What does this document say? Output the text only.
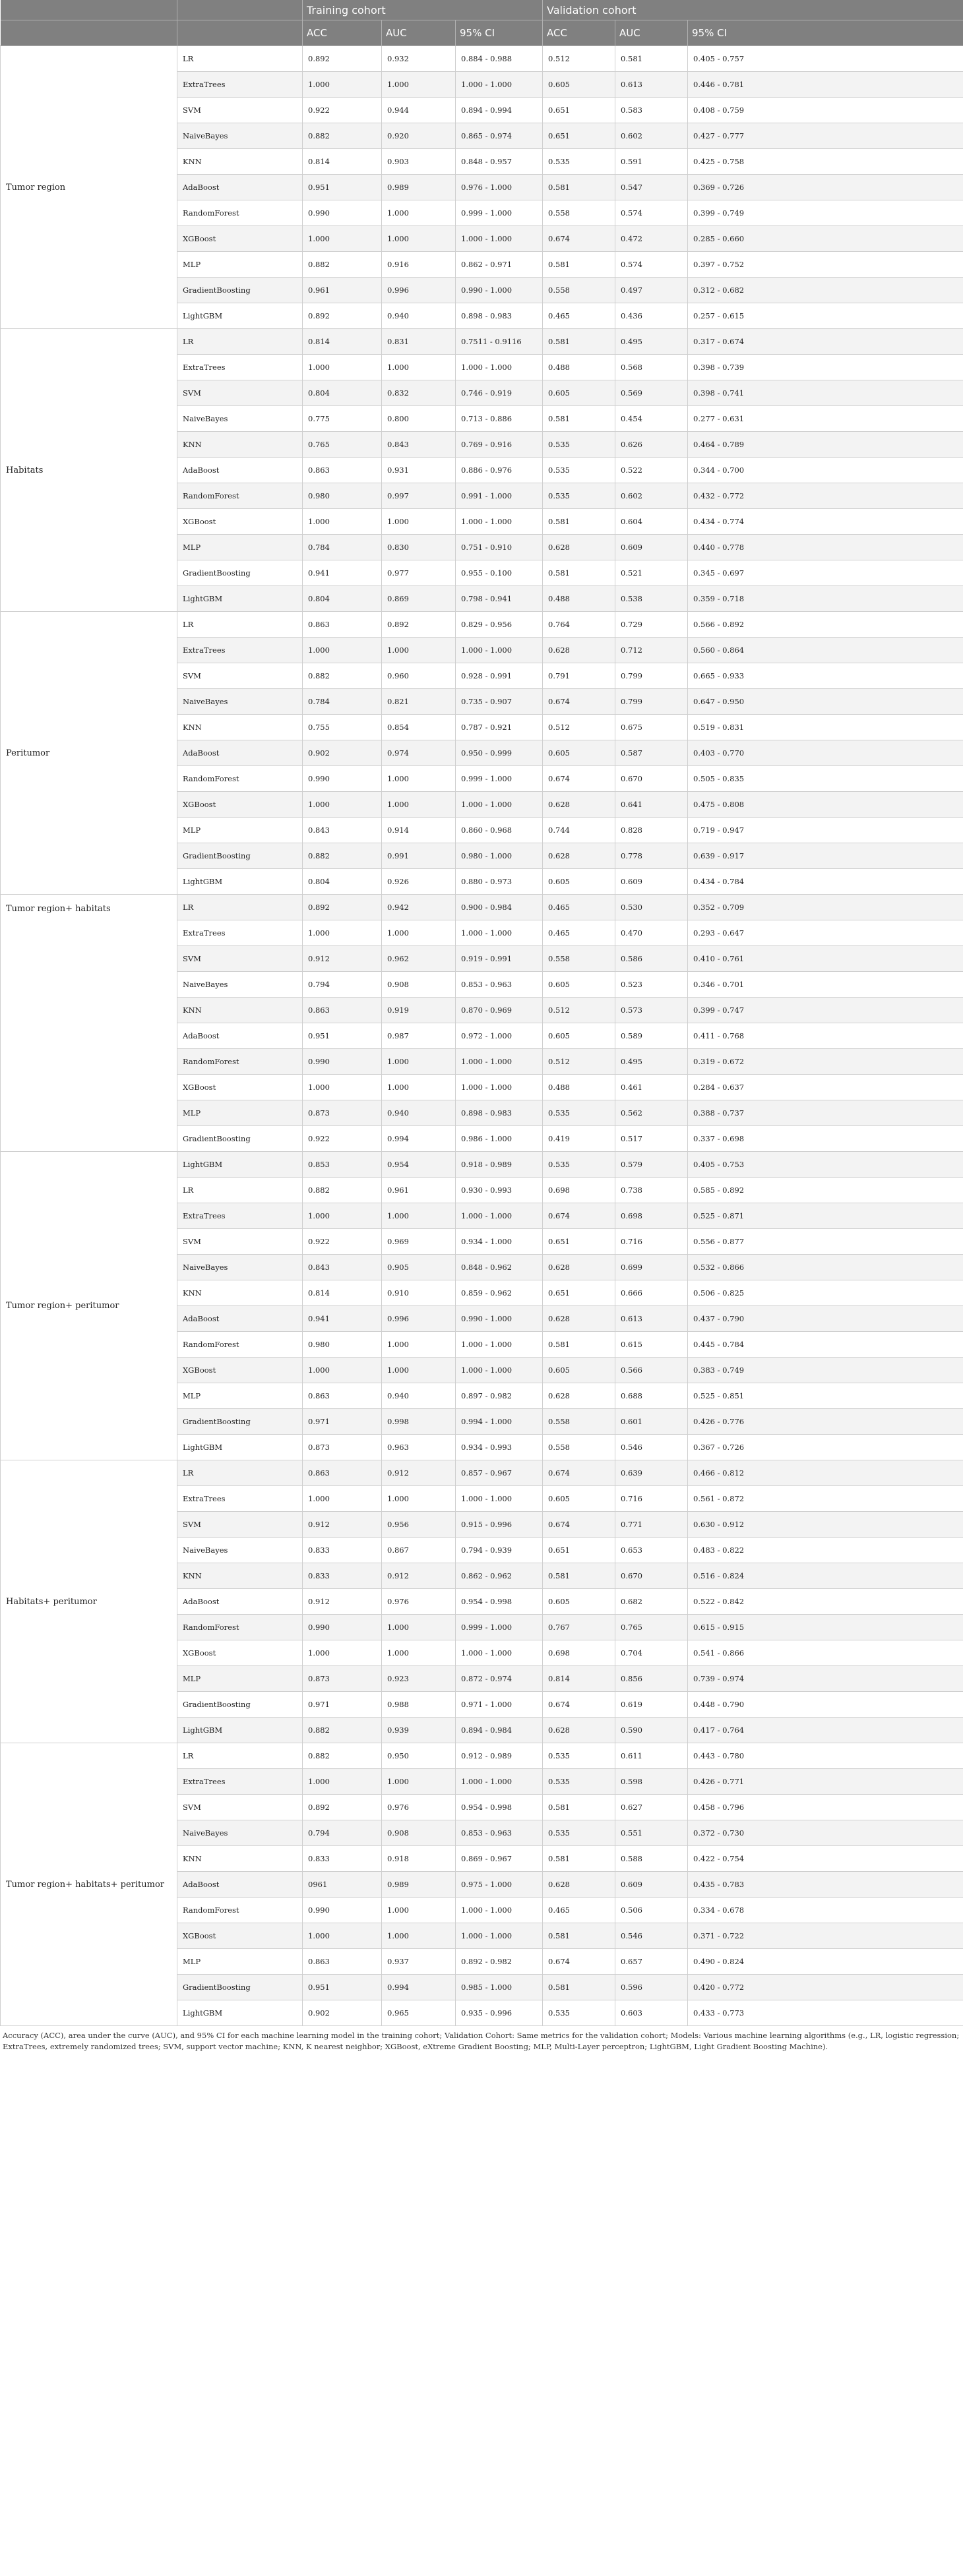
		Training cohort			Validation cohort		
		ACC	AUC	95% CI	ACC	AUC	95% CI
Tumor region	LR	0.892	0.932	0.884 - 0.988	0.512	0.581	0.405 - 0.757
	ExtraTrees	1.000	1.000	1.000 - 1.000	0.605	0.613	0.446 - 0.781
	SVM	0.922	0.944	0.894 - 0.994	0.651	0.583	0.408 - 0.759
	NaiveBayes	0.882	0.920	0.865 - 0.974	0.651	0.602	0.427 - 0.777
	KNN	0.814	0.903	0.848 - 0.957	0.535	0.591	0.425 - 0.758
	AdaBoost	0.951	0.989	0.976 - 1.000	0.581	0.547	0.369 - 0.726
	RandomForest	0.990	1.000	0.999 - 1.000	0.558	0.574	0.399 - 0.749
	XGBoost	1.000	1.000	1.000 - 1.000	0.674	0.472	0.285 - 0.660
	MLP	0.882	0.916	0.862 - 0.971	0.581	0.574	0.397 - 0.752
	GradientBoosting	0.961	0.996	0.990 - 1.000	0.558	0.497	0.312 - 0.682
	LightGBM	0.892	0.940	0.898 - 0.983	0.465	0.436	0.257 - 0.615
Habitats	LR	0.814	0.831	0.7511 - 0.9116	0.581	0.495	0.317 - 0.674
	ExtraTrees	1.000	1.000	1.000 - 1.000	0.488	0.568	0.398 - 0.739
	SVM	0.804	0.832	0.746 - 0.919	0.605	0.569	0.398 - 0.741
	NaiveBayes	0.775	0.800	0.713 - 0.886	0.581	0.454	0.277 - 0.631
	KNN	0.765	0.843	0.769 - 0.916	0.535	0.626	0.464 - 0.789
	AdaBoost	0.863	0.931	0.886 - 0.976	0.535	0.522	0.344 - 0.700
	RandomForest	0.980	0.997	0.991 - 1.000	0.535	0.602	0.432 - 0.772
	XGBoost	1.000	1.000	1.000 - 1.000	0.581	0.604	0.434 - 0.774
	MLP	0.784	0.830	0.751 - 0.910	0.628	0.609	0.440 - 0.778
	GradientBoosting	0.941	0.977	0.955 - 0.100	0.581	0.521	0.345 - 0.697
	LightGBM	0.804	0.869	0.798 - 0.941	0.488	0.538	0.359 - 0.718
Peritumor	LR	0.863	0.892	0.829 - 0.956	0.764	0.729	0.566 - 0.892
	ExtraTrees	1.000	1.000	1.000 - 1.000	0.628	0.712	0.560 - 0.864
	SVM	0.882	0.960	0.928 - 0.991	0.791	0.799	0.665 - 0.933
	NaiveBayes	0.784	0.821	0.735 - 0.907	0.674	0.799	0.647 - 0.950
	KNN	0.755	0.854	0.787 - 0.921	0.512	0.675	0.519 - 0.831
	AdaBoost	0.902	0.974	0.950 - 0.999	0.605	0.587	0.403 - 0.770
	RandomForest	0.990	1.000	0.999 - 1.000	0.674	0.670	0.505 - 0.835
	XGBoost	1.000	1.000	1.000 - 1.000	0.628	0.641	0.475 - 0.808
	MLP	0.843	0.914	0.860 - 0.968	0.744	0.828	0.719 - 0.947
	GradientBoosting	0.882	0.991	0.980 - 1.000	0.628	0.778	0.639 - 0.917
	LightGBM	0.804	0.926	0.880 - 0.973	0.605	0.609	0.434 - 0.784
Tumor region+ habitats	LR	0.892	0.942	0.900 - 0.984	0.465	0.530	0.352 - 0.709
	ExtraTrees	1.000	1.000	1.000 - 1.000	0.465	0.470	0.293 - 0.647
	SVM	0.912	0.962	0.919 - 0.991	0.558	0.586	0.410 - 0.761
	NaiveBayes	0.794	0.908	0.853 - 0.963	0.605	0.523	0.346 - 0.701
	KNN	0.863	0.919	0.870 - 0.969	0.512	0.573	0.399 - 0.747
	AdaBoost	0.951	0.987	0.972 - 1.000	0.605	0.589	0.411 - 0.768
	RandomForest	0.990	1.000	1.000 - 1.000	0.512	0.495	0.319 - 0.672
	XGBoost	1.000	1.000	1.000 - 1.000	0.488	0.461	0.284 - 0.637
	MLP	0.873	0.940	0.898 - 0.983	0.535	0.562	0.388 - 0.737
	GradientBoosting	0.922	0.994	0.986 - 1.000	0.419	0.517	0.337 - 0.698
Tumor region+ peritumor	LightGBM	0.853	0.954	0.918 - 0.989	0.535	0.579	0.405 - 0.753
	LR	0.882	0.961	0.930 - 0.993	0.698	0.738	0.585 - 0.892
	ExtraTrees	1.000	1.000	1.000 - 1.000	0.674	0.698	0.525 - 0.871
	SVM	0.922	0.969	0.934 - 1.000	0.651	0.716	0.556 - 0.877
	NaiveBayes	0.843	0.905	0.848 - 0.962	0.628	0.699	0.532 - 0.866
	KNN	0.814	0.910	0.859 - 0.962	0.651	0.666	0.506 - 0.825
	AdaBoost	0.941	0.996	0.990 - 1.000	0.628	0.613	0.437 - 0.790
	RandomForest	0.980	1.000	1.000 - 1.000	0.581	0.615	0.445 - 0.784
	XGBoost	1.000	1.000	1.000 - 1.000	0.605	0.566	0.383 - 0.749
	MLP	0.863	0.940	0.897 - 0.982	0.628	0.688	0.525 - 0.851
	GradientBoosting	0.971	0.998	0.994 - 1.000	0.558	0.601	0.426 - 0.776
	LightGBM	0.873	0.963	0.934 - 0.993	0.558	0.546	0.367 - 0.726
Habitats+ peritumor	LR	0.863	0.912	0.857 - 0.967	0.674	0.639	0.466 - 0.812
	ExtraTrees	1.000	1.000	1.000 - 1.000	0.605	0.716	0.561 - 0.872
	SVM	0.912	0.956	0.915 - 0.996	0.674	0.771	0.630 - 0.912
	NaiveBayes	0.833	0.867	0.794 - 0.939	0.651	0.653	0.483 - 0.822
	KNN	0.833	0.912	0.862 - 0.962	0.581	0.670	0.516 - 0.824
	AdaBoost	0.912	0.976	0.954 - 0.998	0.605	0.682	0.522 - 0.842
	RandomForest	0.990	1.000	0.999 - 1.000	0.767	0.765	0.615 - 0.915
	XGBoost	1.000	1.000	1.000 - 1.000	0.698	0.704	0.541 - 0.866
	MLP	0.873	0.923	0.872 - 0.974	0.814	0.856	0.739 - 0.974
	GradientBoosting	0.971	0.988	0.971 - 1.000	0.674	0.619	0.448 - 0.790
	LightGBM	0.882	0.939	0.894 - 0.984	0.628	0.590	0.417 - 0.764
Tumor region+ habitats+ peritumor	LR	0.882	0.950	0.912 - 0.989	0.535	0.611	0.443 - 0.780
	ExtraTrees	1.000	1.000	1.000 - 1.000	0.535	0.598	0.426 - 0.771
	SVM	0.892	0.976	0.954 - 0.998	0.581	0.627	0.458 - 0.796
	NaiveBayes	0.794	0.908	0.853 - 0.963	0.535	0.551	0.372 - 0.730
	KNN	0.833	0.918	0.869 - 0.967	0.581	0.588	0.422 - 0.754
	AdaBoost	0961	0.989	0.975 - 1.000	0.628	0.609	0.435 - 0.783
	RandomForest	0.990	1.000	1.000 - 1.000	0.465	0.506	0.334 - 0.678
	XGBoost	1.000	1.000	1.000 - 1.000	0.581	0.546	0.371 - 0.722
	MLP	0.863	0.937	0.892 - 0.982	0.674	0.657	0.490 - 0.824
	GradientBoosting	0.951	0.994	0.985 - 1.000	0.581	0.596	0.420 - 0.772
	LightGBM	0.902	0.965	0.935 - 0.996	0.535	0.603	0.433 - 0.773
Accuracy (ACC), area under the curve (AUC), and 95% CI for each machine learning model in the training cohort; Validation Cohort: Same metrics for the validation cohort; Models: Various machine learning algorithms (e.g., LR, logistic regression; ExtraTrees, extremely randomized trees; SVM, support vector machine; KNN, K nearest neighbor; XGBoost, eXtreme Gradient Boosting; MLP, Multi-Layer perceptron; LightGBM, Light Gradient Boosting Machine).
